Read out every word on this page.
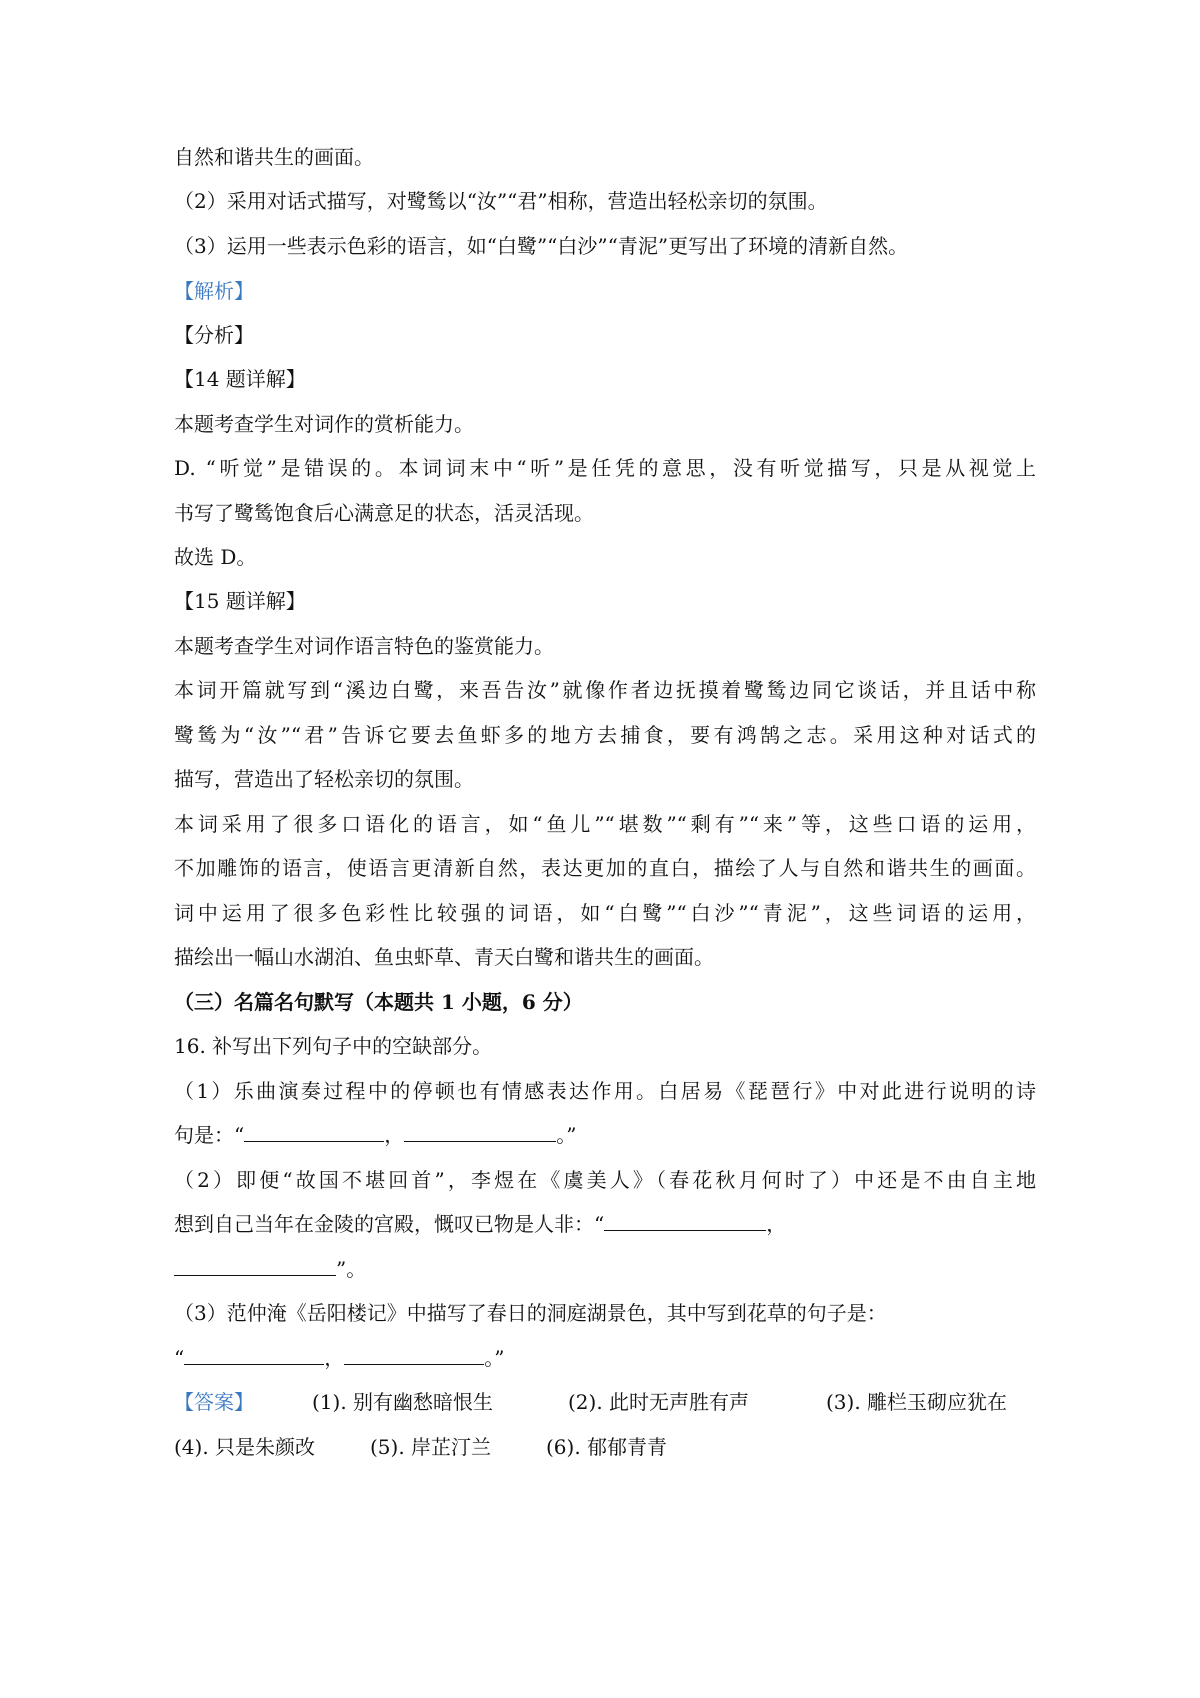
自然和谐共生的画面。
（2）采用对话式描写，对鹭鸶以“汝”“君”相称，营造出轻松亲切的氛围。
（3）运用一些表示色彩的语言，如“白鹭”“白沙”“青泥”更写出了环境的清新自然。
【解析】
【分析】
【14 题详解】
本题考查学生对词作的赏析能力。
D. “听觉”是错误的。本词词末中“听”是任凭的意思，没有听觉描写，只是从视觉上
书写了鹭鸶饱食后心满意足的状态，活灵活现。
故选 D。
【15 题详解】
本题考查学生对词作语言特色的鉴赏能力。
本词开篇就写到“溪边白鹭，来吾告汝”就像作者边抚摸着鹭鸶边同它谈话，并且话中称
鹭鸶为“汝”“君”告诉它要去鱼虾多的地方去捕食，要有鸿鹄之志。采用这种对话式的
描写，营造出了轻松亲切的氛围。
本词采用了很多口语化的语言，如“鱼儿”“堪数”“剩有”“来”等，这些口语的运用，
不加雕饰的语言，使语言更清新自然，表达更加的直白，描绘了人与自然和谐共生的画面。
词中运用了很多色彩性比较强的词语，如“白鹭”“白沙”“青泥”，这些词语的运用，
描绘出一幅山水湖泊、鱼虫虾草、青天白鹭和谐共生的画面。
（三）名篇名句默写（本题共 1 小题，6 分）
16. 补写出下列句子中的空缺部分。
（1）乐曲演奏过程中的停顿也有情感表达作用。白居易《琵琶行》中对此进行说明的诗
句是：“	，	。”
（2）即便“故国不堪回首”，李煜在《虞美人》（春花秋月何时了）中还是不由自主地
想到自己当年在金陵的宫殿，慨叹已物是人非：“	，
”。
（3）范仲淹《岳阳楼记》中描写了春日的洞庭湖景色，其中写到花草的句子是：
“	，	。”
【答案】	(1). 别有幽愁暗恨生	(2). 此时无声胜有声	(3). 雕栏玉砌应犹在
(4). 只是朱颜改	(5). 岸芷汀兰	(6). 郁郁青青
